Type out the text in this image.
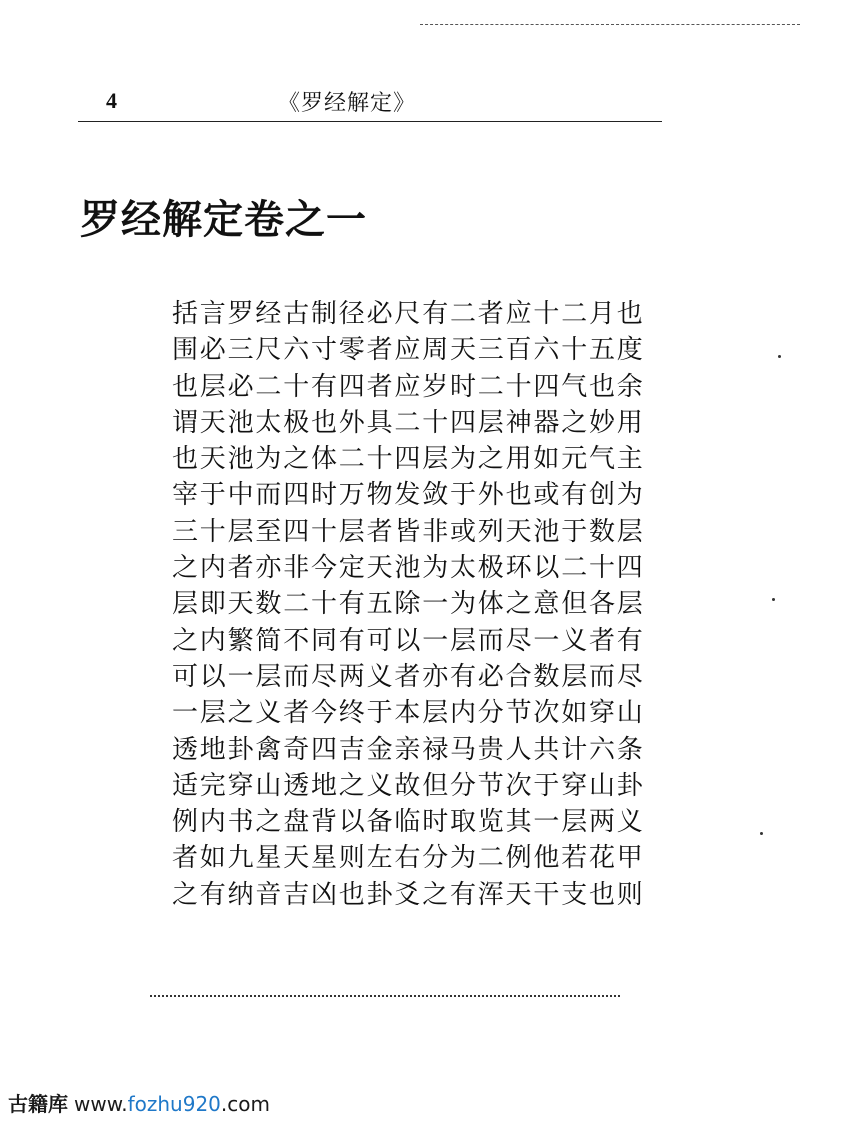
4	《罗经解定》
罗经解定卷之一
括言罗经古制径必尺有二者应十二月也
围必三尺六寸零者应周天三百六十五度
也层必二十有四者应岁时二十四气也余
谓天池太极也外具二十四层神器之妙用
也天池为之体二十四层为之用如元气主
宰于中而四时万物发敛于外也或有创为
三十层至四十层者皆非或列天池于数层
之内者亦非今定天池为太极环以二十四
层即天数二十有五除一为体之意但各层
之内繁简不同有可以一层而尽一义者有
可以一层而尽两义者亦有必合数层而尽
一层之义者今终于本层内分节次如穿山
透地卦禽奇四吉金亲禄马贵人共计六条
适完穿山透地之义故但分节次于穿山卦
例内书之盘背以备临时取览其一层两义
者如九星天星则左右分为二例他若花甲
之有纳音吉凶也卦爻之有浑天干支也则
古籍库 www.fozhu920.com
